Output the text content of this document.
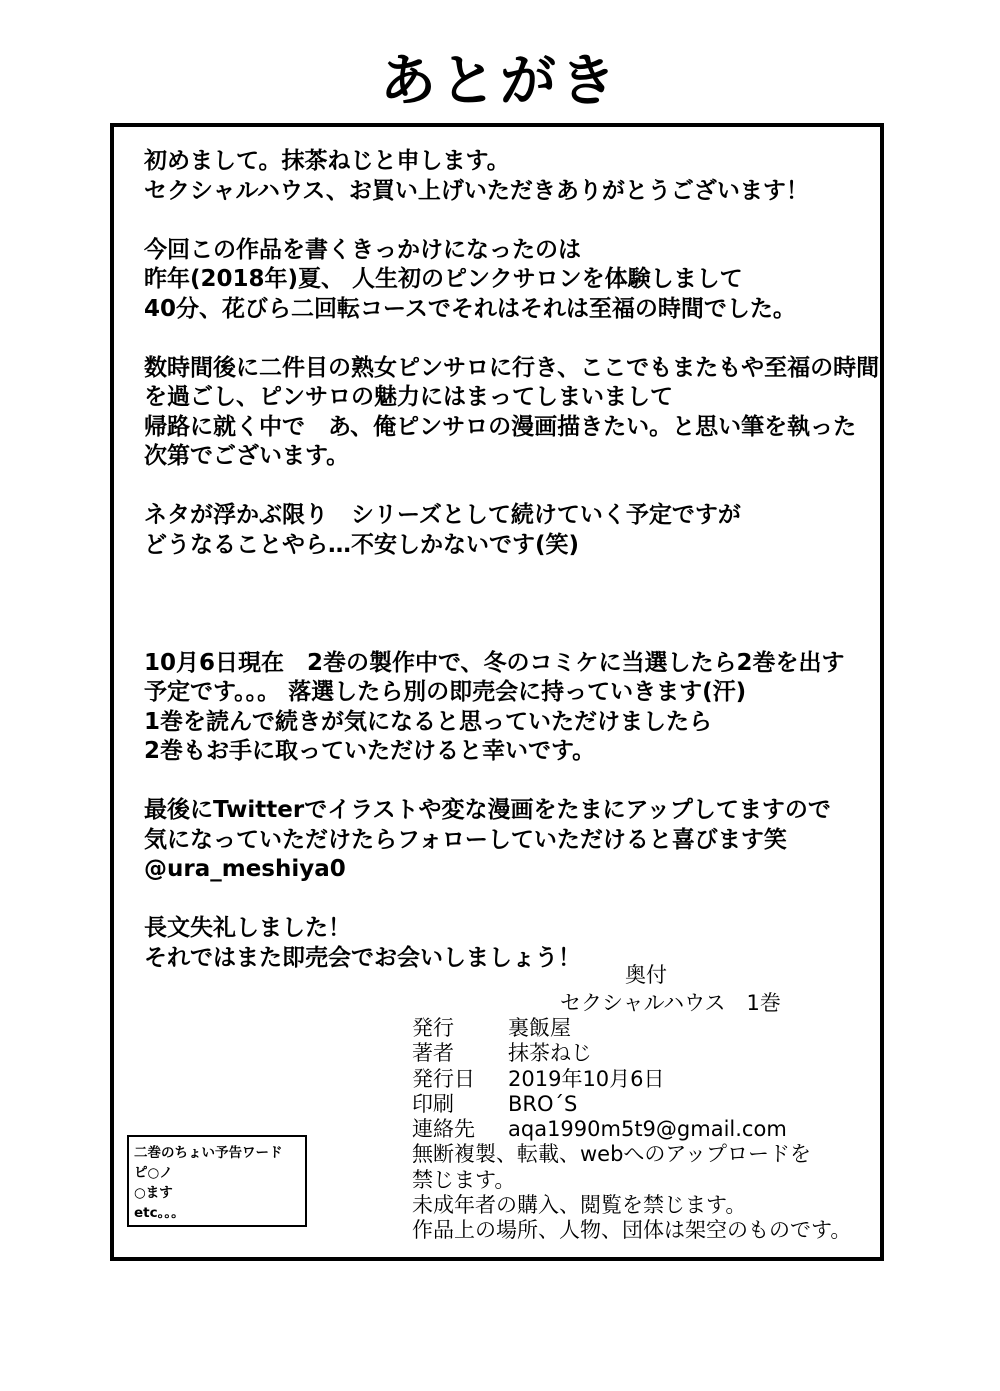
あとがき
初めまして。抹茶ねじと申します。
セクシャルハウス、お買い上げいただきありがとうございます！
今回この作品を書くきっかけになったのは
昨年(2018年)夏、 人生初のピンクサロンを体験しまして
40分、花びら二回転コースでそれはそれは至福の時間でした。
数時間後に二件目の熟女ピンサロに行き、ここでもまたもや至福の時間
を過ごし、ピンサロの魅力にはまってしまいまして
帰路に就く中で　あ、俺ピンサロの漫画描きたい。と思い筆を執った
次第でございます。
ネタが浮かぶ限り　シリーズとして続けていく予定ですが
どうなることやら…不安しかないです(笑)
10月6日現在　2巻の製作中で、冬のコミケに当選したら2巻を出す
予定です。。。 落選したら別の即売会に持っていきます(汗)
1巻を読んで続きが気になると思っていただけましたら
2巻もお手に取っていただけると幸いです。
最後にTwitterでイラストや変な漫画をたまにアップしてますので
気になっていただけたらフォローしていただけると喜びます笑
@ura_meshiya0
長文失礼しました！
それではまた即売会でお会いしましょう！
奥付
セクシャルハウス　1巻
発行	裏飯屋
著者	抹茶ねじ
発行日 2019年10月6日
印刷	BRO´S
連絡先 aqa1990m5t9@gmail.com
無断複製、転載、webへのアップロードを
禁じます。
未成年者の購入、閲覧を禁じます。
作品上の場所、人物、団体は架空のものです。
二巻のちょい予告ワード
ピ○ノ
○ます
etc。。。
